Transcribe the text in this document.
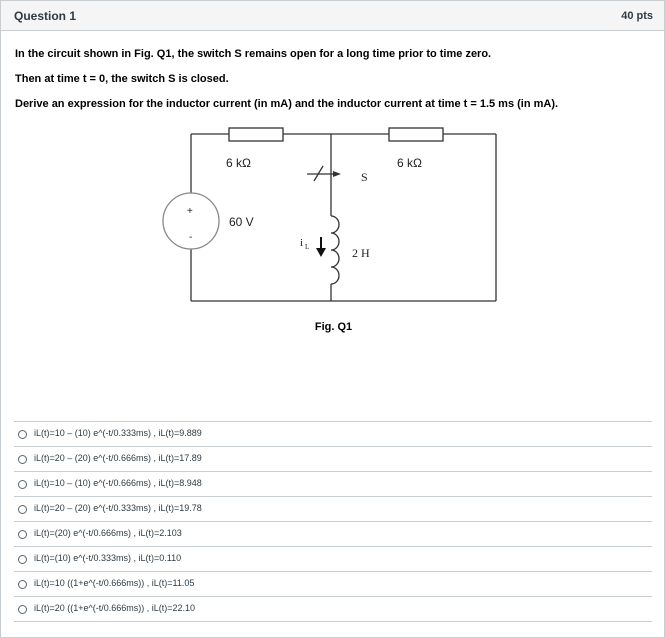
Question 1	40 pts
In the circuit shown in Fig. Q1, the switch S remains open for a long time prior to time zero.
Then at time t = 0, the switch S is closed.
Derive an expression for the inductor current (in mA) and the inductor current at time t = 1.5 ms (in mA).
6 kΩ	6 kΩ
60 V
+
-
S
2 H
i L
Fig. Q1
iL(t)=10 – (10) e^(-t/0.333ms) , iL(t)=9.889
iL(t)=20 – (20) e^(-t/0.666ms) , iL(t)=17.89
iL(t)=10 – (10) e^(-t/0.666ms) , iL(t)=8.948
iL(t)=20 – (20) e^(-t/0.333ms) , iL(t)=19.78
iL(t)=(20) e^(-t/0.666ms) , iL(t)=2.103
iL(t)=(10) e^(-t/0.333ms) , iL(t)=0.110
iL(t)=10 ((1+e^(-t/0.666ms)) , iL(t)=11.05
iL(t)=20 ((1+e^(-t/0.666ms)) , iL(t)=22.10
